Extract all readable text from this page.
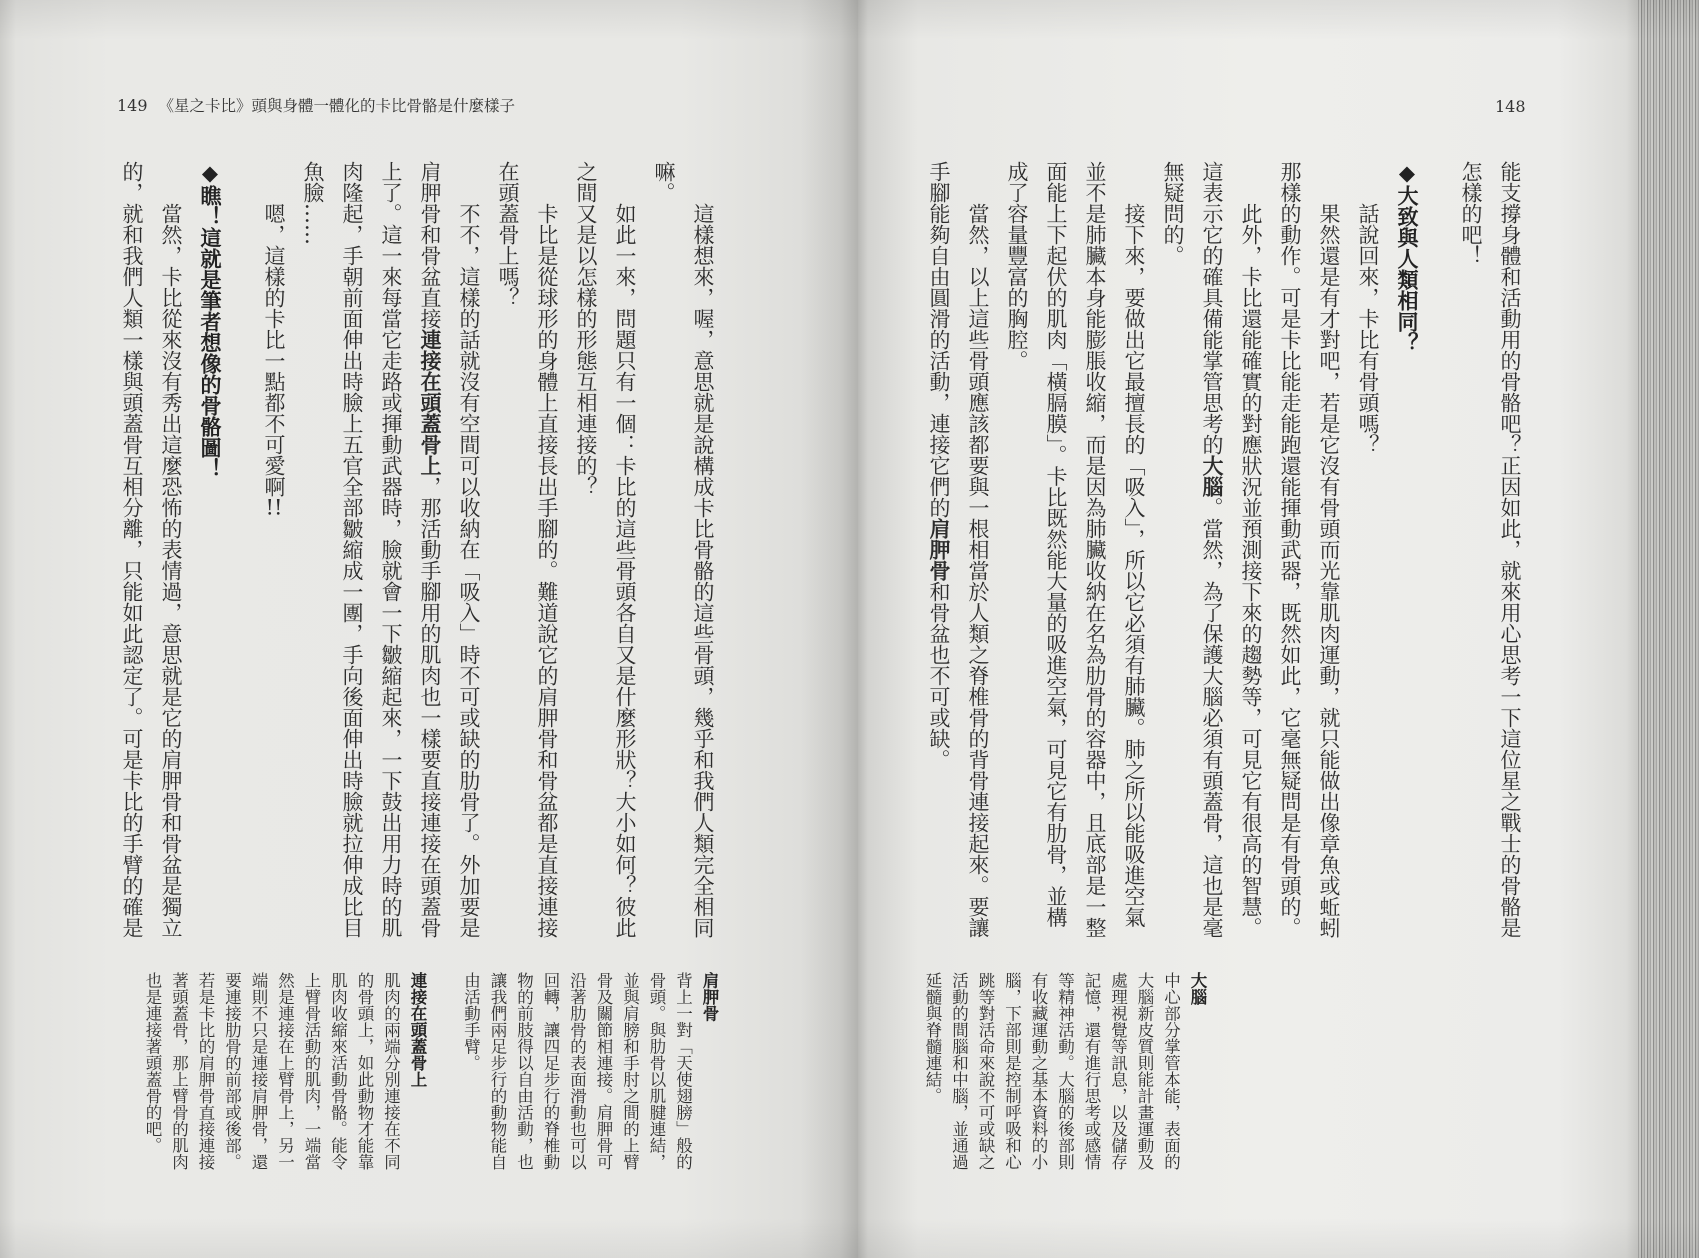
149 《星之卡比》頭與身體一體化的卡比骨骼是什麼樣子	148
這樣想來，喔，意思就是說構成卡比骨骼的這些骨頭，幾乎和我們人類完全相同
嘛。
如此一來，問題只有一個：卡比的這些骨頭各自又是什麼形狀？大小如何？彼此
之間又是以怎樣的形態互相連接的？
卡比是從球形的身體上直接長出手腳的。難道說它的肩胛骨和骨盆都是直接連接
在頭蓋骨上嗎？
不不，這樣的話就沒有空間可以收納在「吸入」時不可或缺的肋骨了。外加要是
肩胛骨和骨盆直接連接在頭蓋骨上，那活動手腳用的肌肉也一樣要直接連接在頭蓋骨
上了。這一來每當它走路或揮動武器時，臉就會一下皺縮起來，一下鼓出用力時的肌
肉隆起，手朝前面伸出時臉上五官全部皺縮成一團，手向後面伸出時臉就拉伸成比目
魚臉……
嗯，這樣的卡比一點都不可愛啊!!
◆瞧！這就是筆者想像的骨骼圖！
當然，卡比從來沒有秀出這麼恐怖的表情過，意思就是它的肩胛骨和骨盆是獨立
的，就和我們人類一樣與頭蓋骨互相分離，只能如此認定了。可是卡比的手臂的確是
肩胛骨
背上一對「天使翅膀」般的
骨頭。與肋骨以肌腱連結，
並與肩膀和手肘之間的上臂
骨及關節相連接。肩胛骨可
沿著肋骨的表面滑動也可以
回轉，讓四足步行的脊椎動
物的前肢得以自由活動，也
讓我們兩足步行的動物能自
由活動手臂。
連接在頭蓋骨上
肌肉的兩端分別連接在不同
的骨頭上，如此動物才能靠
肌肉收縮來活動骨骼。能令
上臂骨活動的肌肉，一端當
然是連接在上臂骨上，另一
端則不只是連接肩胛骨，還
要連接肋骨的前部或後部。
若是卡比的肩胛骨直接連接
著頭蓋骨，那上臂骨的肌肉
也是連接著頭蓋骨的吧。
能支撐身體和活動用的骨骼吧？正因如此，就來用心思考一下這位星之戰士的骨骼是
怎樣的吧！
◆大致與人類相同？
話說回來，卡比有骨頭嗎？
果然還是有才對吧，若是它沒有骨頭而光靠肌肉運動，就只能做出像章魚或蚯蚓
那樣的動作。可是卡比能走能跑還能揮動武器，既然如此，它毫無疑問是有骨頭的。
此外，卡比還能確實的對應狀況並預測接下來的趨勢等，可見它有很高的智慧。
這表示它的確具備能掌管思考的大腦。當然，為了保護大腦必須有頭蓋骨，這也是毫
無疑問的。
接下來，要做出它最擅長的「吸入」，所以它必須有肺臟。肺之所以能吸進空氣
並不是肺臟本身能膨脹收縮，而是因為肺臟收納在名為肋骨的容器中，且底部是一整
面能上下起伏的肌肉「橫膈膜」。卡比既然能大量的吸進空氣，可見它有肋骨，並構
成了容量豐富的胸腔。
當然，以上這些骨頭應該都要與一根相當於人類之脊椎骨的背骨連接起來。要讓
手腳能夠自由圓滑的活動，連接它們的肩胛骨和骨盆也不可或缺。
大腦
中心部分掌管本能，表面的
大腦新皮質則能計畫運動及
處理視覺等訊息，以及儲存
記憶，還有進行思考或感情
等精神活動。大腦的後部則
有收藏運動之基本資料的小
腦，下部則是控制呼吸和心
跳等對活命來說不可或缺之
活動的間腦和中腦，並通過
延髓與脊髓連結。
